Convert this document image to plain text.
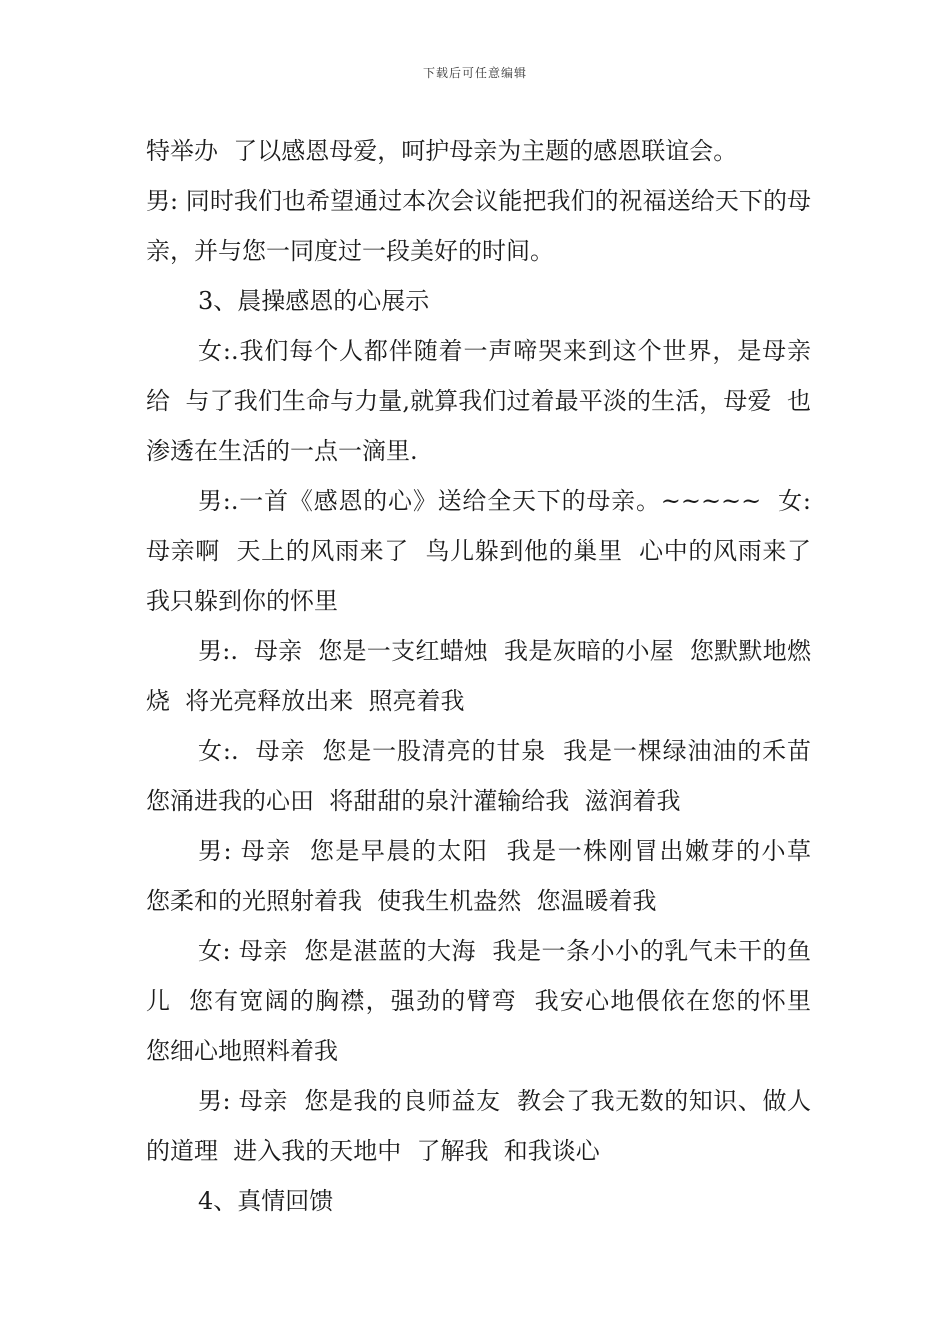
下载后可任意编辑

特举办  了以感恩母爱，呵护母亲为主题的感恩联谊会。

男: 同时我们也希望通过本次会议能把我们的祝福送给天下的母亲，并与您一同度过一段美好的时间。

3、晨操感恩的心展示

女:.我们每个人都伴随着一声啼哭来到这个世界，是母亲给  与了我们生命与力量,就算我们过着最平淡的生活，母爱  也渗透在生活的一点一滴里.

男:.一首《感恩的心》送给全天下的母亲。~~~~~  女:母亲啊  天上的风雨来了  鸟儿躲到他的巢里  心中的风雨来了  我只躲到你的怀里

男:.  母亲  您是一支红蜡烛  我是灰暗的小屋  您默默地燃烧  将光亮释放出来  照亮着我

女:.  母亲  您是一股清亮的甘泉  我是一棵绿油油的禾苗  您涌进我的心田  将甜甜的泉汁灌输给我  滋润着我

男: 母亲  您是早晨的太阳  我是一株刚冒出嫩芽的小草  您柔和的光照射着我  使我生机盎然  您温暖着我

女: 母亲  您是湛蓝的大海  我是一条小小的乳气未干的鱼儿  您有宽阔的胸襟，强劲的臂弯  我安心地偎依在您的怀里  您细心地照料着我

男: 母亲  您是我的良师益友  教会了我无数的知识、做人的道理  进入我的天地中  了解我  和我谈心

4、真情回馈
